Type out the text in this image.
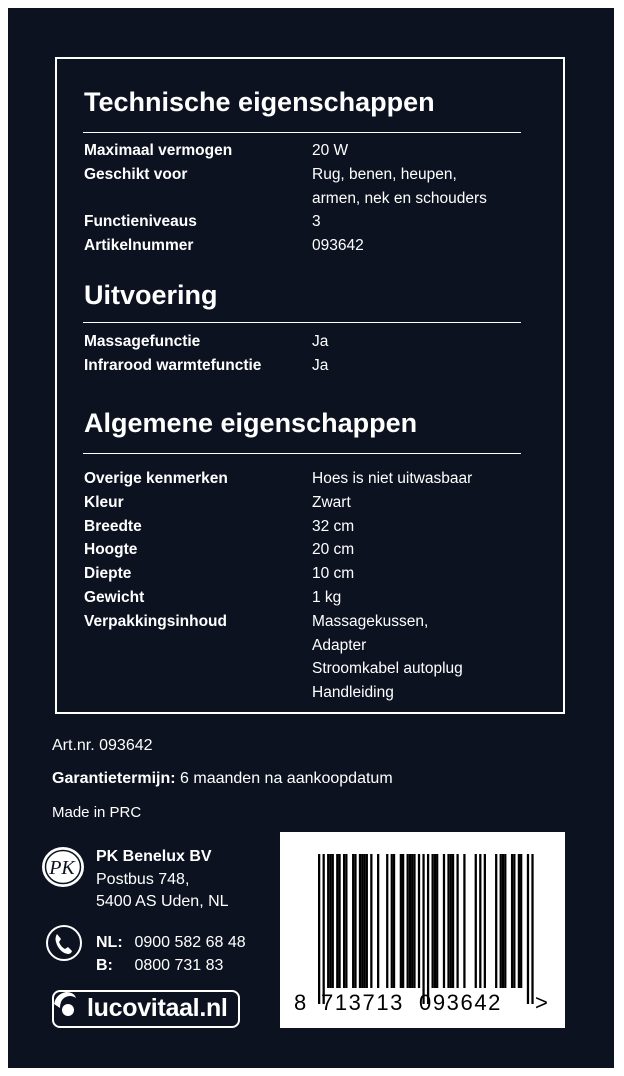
Technische eigenschappen
Maximaal vermogen	20 W
Geschikt voor	Rug, benen, heupen,
armen, nek en schouders
Functieniveaus	3
Artikelnummer	093642
Uitvoering
Massagefunctie	Ja
Infrarood warmtefunctie	Ja
Algemene eigenschappen
Overige kenmerken	Hoes is niet uitwasbaar
Kleur	Zwart
Breedte	32 cm
Hoogte	20 cm
Diepte	10 cm
Gewicht	1 kg
Verpakkingsinhoud	Massagekussen,
Adapter
Stroomkabel autoplug
Handleiding
Art.nr. 093642
Garantietermijn: 6 maanden na aankoopdatum
Made in PRC
PK
PK Benelux BV
Postbus 748,
5400 AS Uden, NL
NL: 0900 582 68 48
B: 0800 731 83
lucovitaal.nl	8 713713 093642 >
